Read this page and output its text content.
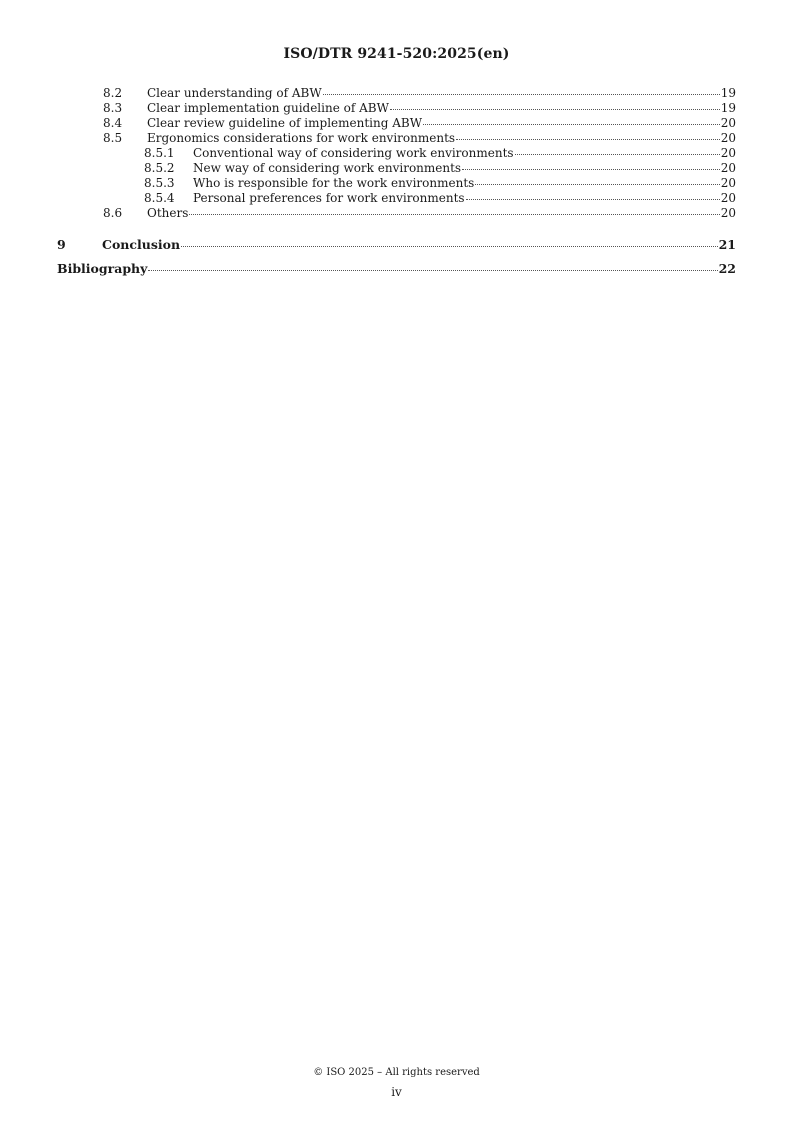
ISO/DTR 9241-520:2025(en)
8.2	Clear understanding of ABW	19
8.3	Clear implementation guideline of ABW	19
8.4	Clear review guideline of implementing ABW	20
8.5	Ergonomics considerations for work environments	20
8.5.1	Conventional way of considering work environments	20
8.5.2	New way of considering work environments	20
8.5.3	Who is responsible for the work environments	20
8.5.4	Personal preferences for work environments	20
8.6	Others	20
9	Conclusion	21
Bibliography	22
© ISO 2025 – All rights reserved
iv
